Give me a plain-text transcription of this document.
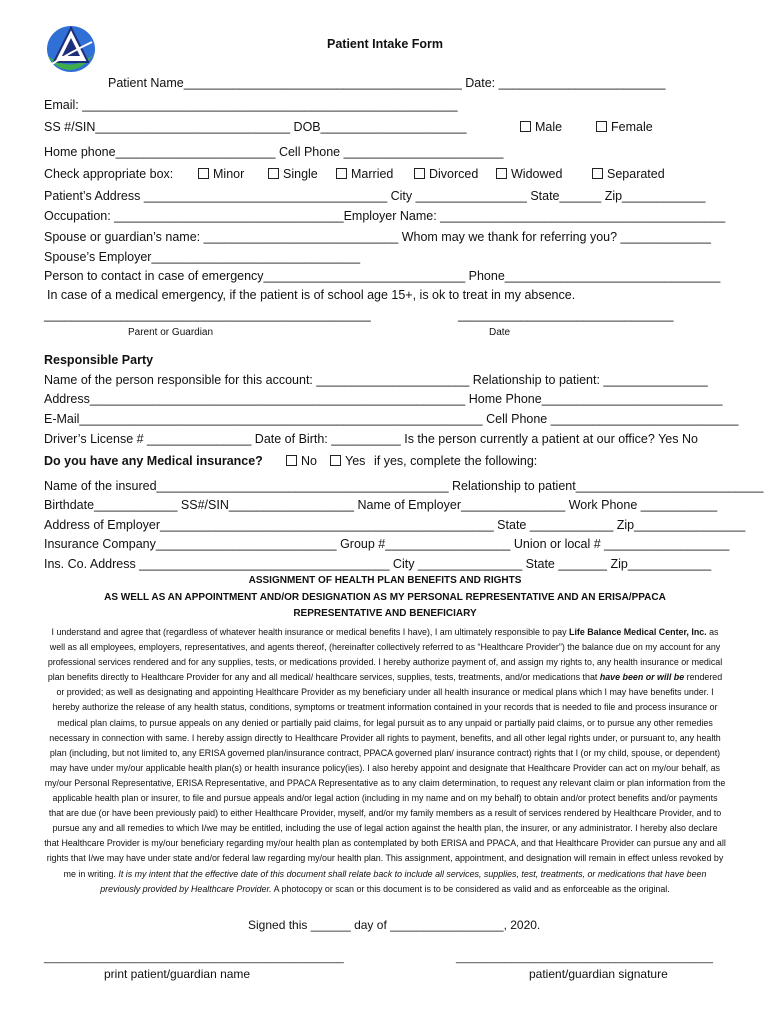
Patient Intake Form
Patient Name________________________________________ Date: ________________________
Email: ______________________________________________________
SS #/SIN____________________________ DOB_____________________	Male	Female
Home phone_______________________ Cell Phone _______________________
Check appropriate box:	Minor	Single	Married	Divorced	Widowed	Separated
Patient’s Address ___________________________________ City ________________ State______ Zip____________
Occupation: _________________________________Employer Name: _________________________________________
Spouse or guardian’s name: ____________________________ Whom may we thank for referring you? _____________
Spouse’s Employer______________________________
Person to contact in case of emergency_____________________________ Phone_______________________________
In case of a medical emergency, if the patient is of school age 15+, is ok to treat in my absence.
_______________________________________________	_______________________________
Parent or Guardian	Date
Responsible Party
Name of the person responsible for this account: ______________________ Relationship to patient: _______________
Address______________________________________________________ Home Phone__________________________
E-Mail__________________________________________________________ Cell Phone ___________________________
Driver’s License # _______________ Date of Birth: __________ Is the person currently a patient at our office? Yes No
Do you have any Medical insurance?	No	Yes if yes, complete the following:
Name of the insured__________________________________________ Relationship to patient___________________________
Birthdate____________ SS#/SIN__________________ Name of Employer_______________ Work Phone ___________
Address of Employer________________________________________________ State ____________ Zip________________
Insurance Company__________________________ Group #__________________ Union or local # __________________
Ins. Co. Address ____________________________________ City _______________ State _______ Zip____________
ASSIGNMENT OF HEALTH PLAN BENEFITS AND RIGHTS
AS WELL AS AN APPOINTMENT AND/OR DESIGNATION AS MY PERSONAL REPRESENTATIVE AND AN ERISA/PPACA
REPRESENTATIVE AND BENEFICIARY
I understand and agree that (regardless of whatever health insurance or medical benefits I have), I am ultimately responsible to pay Life Balance Medical Center, Inc. as well as all employees, employers, representatives, and agents thereof, (hereinafter collectively referred to as “Healthcare Provider”) the balance due on my account for any professional services rendered and for any supplies, tests, or medications provided. I hereby authorize payment of, and assign my rights to, any health insurance or medical plan benefits directly to Healthcare Provider for any and all medical/ healthcare services, supplies, tests, treatments, and/or medications that have been or will be rendered or provided; as well as designating and appointing Healthcare Provider as my beneficiary under all health insurance or medical plans which I may have benefits under. I hereby authorize the release of any health status, conditions, symptoms or treatment information contained in your records that is needed to file and process insurance or medical plan claims, to pursue appeals on any denied or partially paid claims, for legal pursuit as to any unpaid or partially paid claims, or to pursue any other remedies necessary in connection with same. I hereby assign directly to Healthcare Provider all rights to payment, benefits, and all other legal rights under, or pursuant to, any health plan (including, but not limited to, any ERISA governed plan/insurance contract, PPACA governed plan/ insurance contract) rights that I (or my child, spouse, or dependent) may have under my/our applicable health plan(s) or health insurance policy(ies). I also hereby appoint and designate that Healthcare Provider can act on my/our behalf, as my/our Personal Representative, ERISA Representative, and PPACA Representative as to any claim determination, to request any relevant claim or plan information from the applicable health plan or insurer, to file and pursue appeals and/or legal action (including in my name and on my behalf) to obtain and/or protect benefits and/or payments that are due (or have been previously paid) to either Healthcare Provider, myself, and/or my family members as a result of services rendered by Healthcare Provider, and to pursue any and all remedies to which I/we may be entitled, including the use of legal action against the health plan, the insurer, or any administrator. I hereby also declare that Healthcare Provider is my/our beneficiary regarding my/our health plan as contemplated by both ERISA and PPACA, and that Healthcare Provider can pursue any and all rights that I/we may have under state and/or federal law regarding my/our health plan. This assignment, appointment, and designation will remain in effect unless revoked by me in writing. It is my intent that the effective date of this document shall relate back to include all services, supplies, test, treatments, or medications that have been previously provided by Healthcare Provider. A photocopy or scan or this document is to be considered as valid and as enforceable as the original.
Signed this ______ day of _________________, 2020.
_________________________________________________	__________________________________________
print patient/guardian name	patient/guardian signature
